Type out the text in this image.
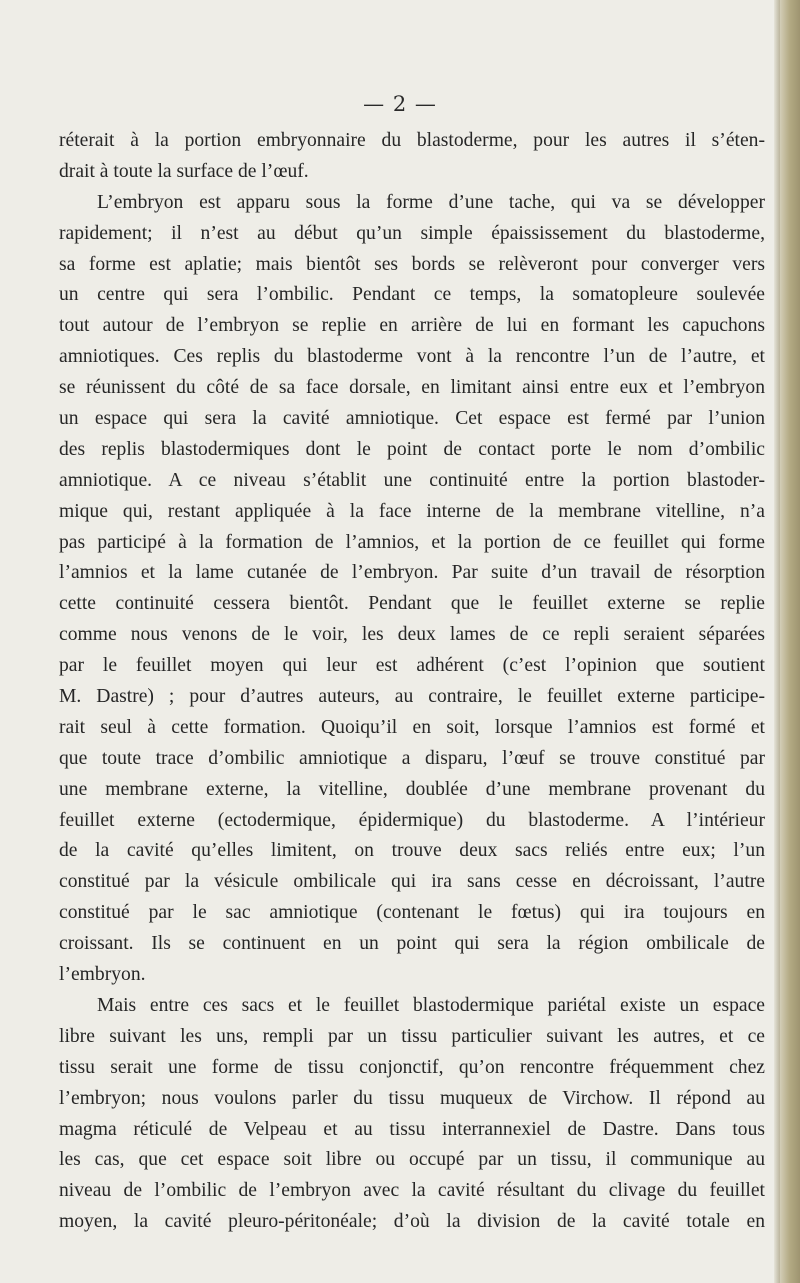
— 2 —
réterait à la portion embryonnaire du blastoderme, pour les autres il s’éten-
drait à toute la surface de l’œuf.
L’embryon est apparu sous la forme d’une tache, qui va se développer
rapidement; il n’est au début qu’un simple épaississement du blastoderme,
sa forme est aplatie; mais bientôt ses bords se relèveront pour converger vers
un centre qui sera l’ombilic. Pendant ce temps, la somatopleure soulevée
tout autour de l’embryon se replie en arrière de lui en formant les capuchons
amniotiques. Ces replis du blastoderme vont à la rencontre l’un de l’autre, et
se réunissent du côté de sa face dorsale, en limitant ainsi entre eux et l’embryon
un espace qui sera la cavité amniotique. Cet espace est fermé par l’union
des replis blastodermiques dont le point de contact porte le nom d’ombilic
amniotique. A ce niveau s’établit une continuité entre la portion blastoder-
mique qui, restant appliquée à la face interne de la membrane vitelline, n’a
pas participé à la formation de l’amnios, et la portion de ce feuillet qui forme
l’amnios et la lame cutanée de l’embryon. Par suite d’un travail de résorption
cette continuité cessera bientôt. Pendant que le feuillet externe se replie
comme nous venons de le voir, les deux lames de ce repli seraient séparées
par le feuillet moyen qui leur est adhérent (c’est l’opinion que soutient
M. Dastre) ; pour d’autres auteurs, au contraire, le feuillet externe participe-
rait seul à cette formation. Quoiqu’il en soit, lorsque l’amnios est formé et
que toute trace d’ombilic amniotique a disparu, l’œuf se trouve constitué par
une membrane externe, la vitelline, doublée d’une membrane provenant du
feuillet externe (ectodermique, épidermique) du blastoderme. A l’intérieur
de la cavité qu’elles limitent, on trouve deux sacs reliés entre eux; l’un
constitué par la vésicule ombilicale qui ira sans cesse en décroissant, l’autre
constitué par le sac amniotique (contenant le fœtus) qui ira toujours en
croissant. Ils se continuent en un point qui sera la région ombilicale de
l’embryon.
Mais entre ces sacs et le feuillet blastodermique pariétal existe un espace
libre suivant les uns, rempli par un tissu particulier suivant les autres, et ce
tissu serait une forme de tissu conjonctif, qu’on rencontre fréquemment chez
l’embryon; nous voulons parler du tissu muqueux de Virchow. Il répond au
magma réticulé de Velpeau et au tissu interrannexiel de Dastre. Dans tous
les cas, que cet espace soit libre ou occupé par un tissu, il communique au
niveau de l’ombilic de l’embryon avec la cavité résultant du clivage du feuillet
moyen, la cavité pleuro-péritonéale; d’où la division de la cavité totale en
